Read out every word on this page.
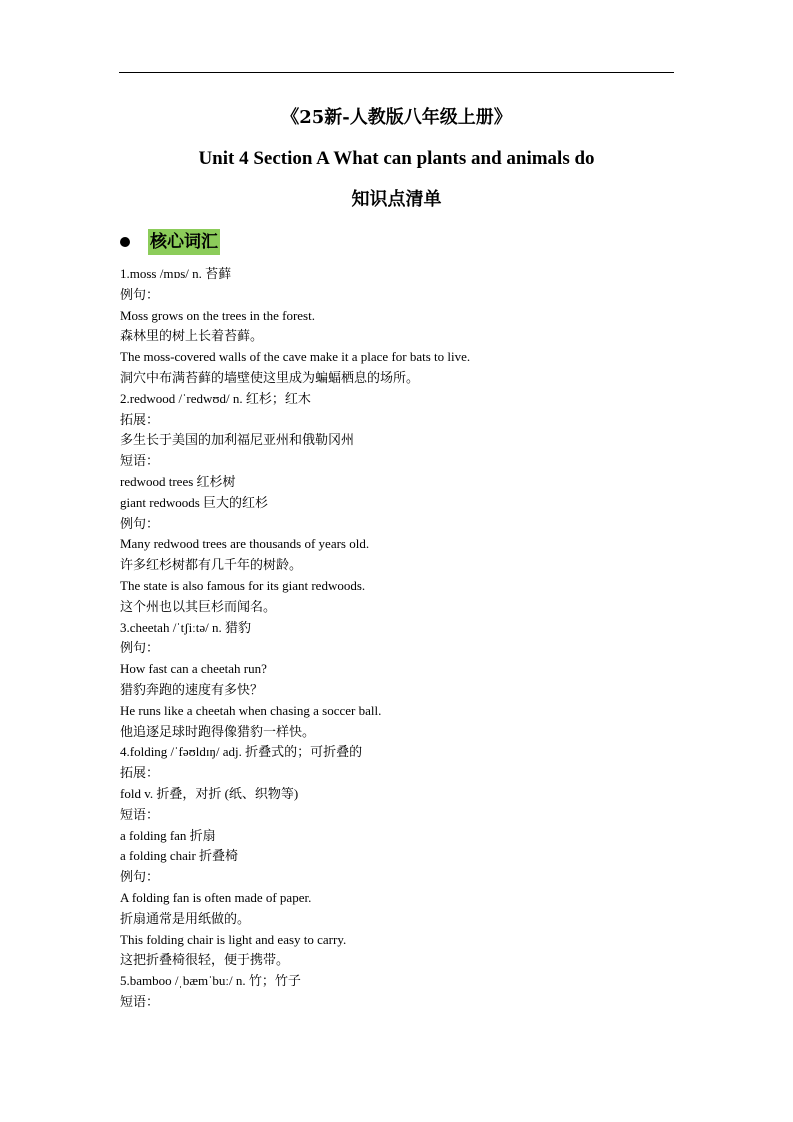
《25新-人教版八年级上册》
Unit 4 Section A What can plants and animals do
知识点清单
核心词汇
1.moss /mɒs/ n. 苔藓
例句：
Moss grows on the trees in the forest.
森林里的树上长着苔藓。
The moss-covered walls of the cave make it a place for bats to live.
洞穴中布满苔藓的墙壁使这里成为蝙蝠栖息的场所。
2.redwood /ˈredwʊd/ n. 红杉；红木
拓展：
多生长于美国的加利福尼亚州和俄勒冈州
短语：
redwood trees 红杉树
giant redwoods 巨大的红杉
例句：
Many redwood trees are thousands of years old.
许多红杉树都有几千年的树龄。
The state is also famous for its giant redwoods.
这个州也以其巨杉而闻名。
3.cheetah /ˈtʃiːtə/ n. 猎豹
例句：
How fast can a cheetah run?
猎豹奔跑的速度有多快？
He runs like a cheetah when chasing a soccer ball.
他追逐足球时跑得像猎豹一样快。
4.folding /ˈfəʊldɪŋ/ adj. 折叠式的；可折叠的
拓展：
fold v. 折叠，对折 (纸、织物等)
短语：
a folding fan 折扇
a folding chair 折叠椅
例句：
A folding fan is often made of paper.
折扇通常是用纸做的。
This folding chair is light and easy to carry.
这把折叠椅很轻，便于携带。
5.bamboo /ˌbæmˈbuː/ n. 竹；竹子
短语：
